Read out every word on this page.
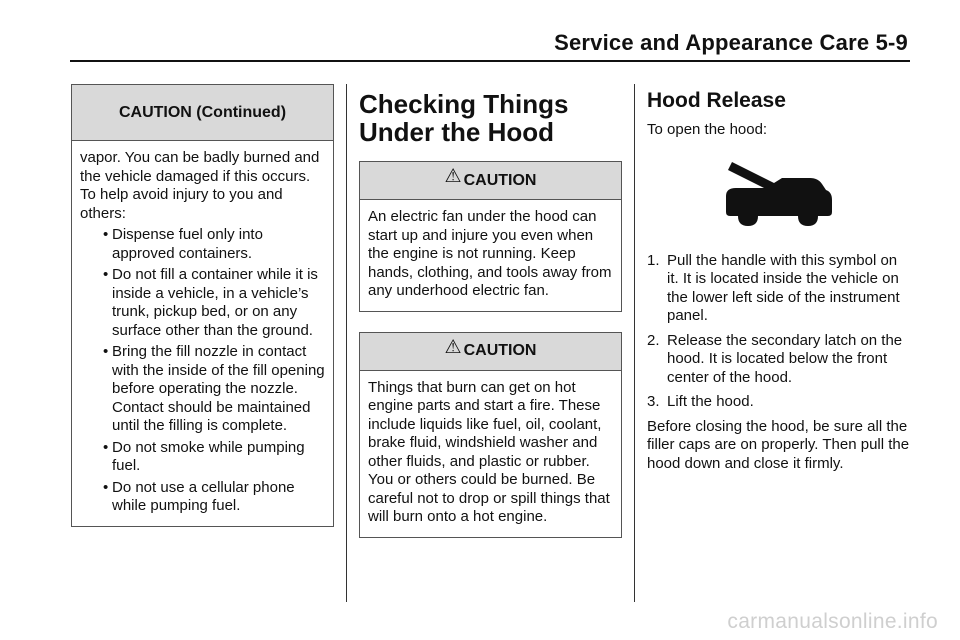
Service and Appearance Care 5-9
CAUTION (Continued)
vapor. You can be badly burned and the vehicle damaged if this occurs. To help avoid injury to you and others:
• Dispense fuel only into approved containers.
• Do not fill a container while it is inside a vehicle, in a vehicle’s trunk, pickup bed, or on any surface other than the ground.
• Bring the fill nozzle in contact with the inside of the fill opening before operating the nozzle. Contact should be maintained until the filling is complete.
• Do not smoke while pumping fuel.
• Do not use a cellular phone while pumping fuel.
Checking Things
Under the Hood
⚠ CAUTION
An electric fan under the hood can start up and injure you even when the engine is not running. Keep hands, clothing, and tools away from any underhood electric fan.
⚠ CAUTION
Things that burn can get on hot engine parts and start a fire. These include liquids like fuel, oil, coolant, brake fluid, windshield washer and other fluids, and plastic or rubber. You or others could be burned. Be careful not to drop or spill things that will burn onto a hot engine.
Hood Release
To open the hood:
1. Pull the handle with this symbol on it. It is located inside the vehicle on the lower left side of the instrument panel.
2. Release the secondary latch on the hood. It is located below the front center of the hood.
3. Lift the hood.
Before closing the hood, be sure all the filler caps are on properly. Then pull the hood down and close it firmly.
carmanualsonline.info
